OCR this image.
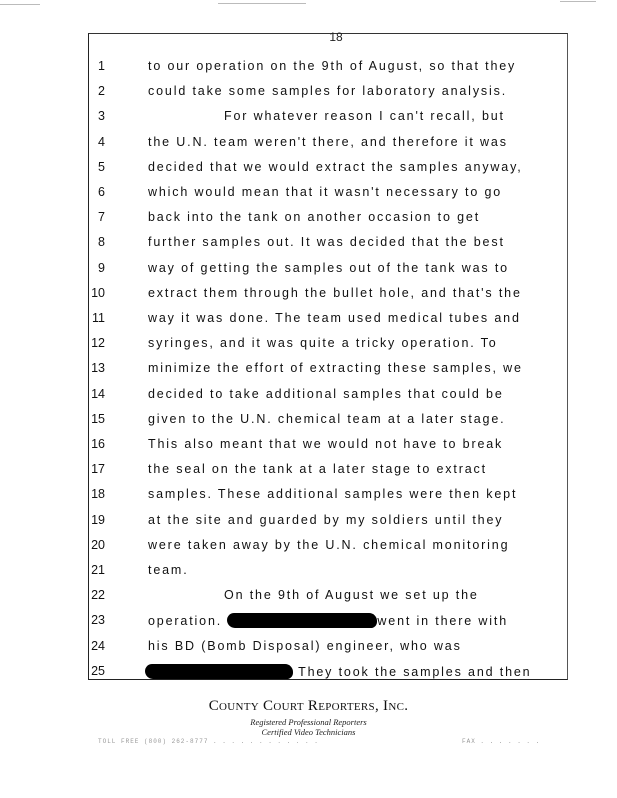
18
1	to our operation on the 9th of August, so that they
2	could take some samples for laboratory analysis.
3	For whatever reason I can't recall, but
4	the U.N. team weren't there, and therefore it was
5	decided that we would extract the samples anyway,
6	which would mean that it wasn't necessary to go
7	back into the tank on another occasion to get
8	further samples out. It was decided that the best
9	way of getting the samples out of the tank was to
10	extract them through the bullet hole, and that's the
11	way it was done. The team used medical tubes and
12	syringes, and it was quite a tricky operation. To
13	minimize the effort of extracting these samples, we
14	decided to take additional samples that could be
15	given to the U.N. chemical team at a later stage.
16	This also meant that we would not have to break
17	the seal on the tank at a later stage to extract
18	samples. These additional samples were then kept
19	at the site and guarded by my soldiers until they
20	were taken away by the U.N. chemical monitoring
21	team.
22	On the 9th of August we set up the
23	operation.	went in there with
24	his BD (Bomb Disposal) engineer, who was
25	They took the samples and then
County Court Reporters, Inc.
Registered Professional Reporters
Certified Video Technicians
TOLL FREE (800) 262-8777 . . . . . . . . . . . .	FAX . . . . . . .
